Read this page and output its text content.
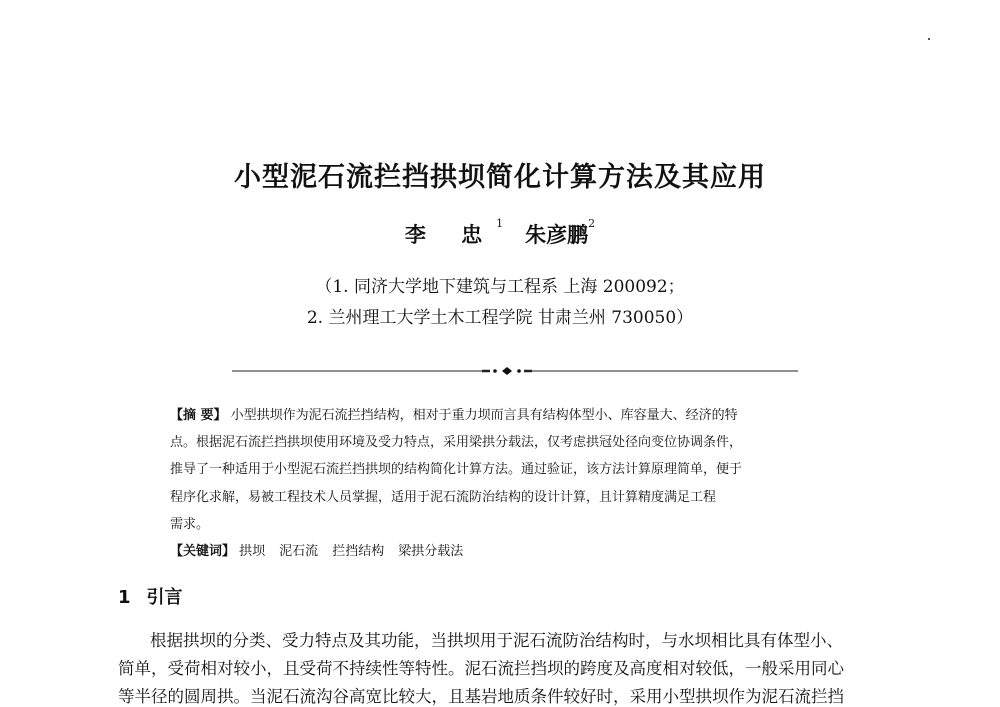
小型泥石流拦挡拱坝简化计算方法及其应用
李 忠$^1$ 朱彦鹏$^2$
（1. 同济大学地下建筑与工程系 上海 200092；
2. 兰州理工大学土木工程学院 甘肃兰州 730050）
【摘 要】 小型拱坝作为泥石流拦挡结构，相对于重力坝而言具有结构体型小、库容量大、经济的特
点。根据泥石流拦挡拱坝使用环境及受力特点，采用梁拱分载法，仅考虑拱冠处径向变位协调条件，
推导了一种适用于小型泥石流拦挡拱坝的结构简化计算方法。通过验证，该方法计算原理简单，便于
程序化求解，易被工程技术人员掌握，适用于泥石流防治结构的设计计算，且计算精度满足工程
需求。
【关键词】 拱坝 泥石流 拦挡结构 梁拱分载法
1 引言
根据拱坝的分类、受力特点及其功能，当拱坝用于泥石流防治结构时，与水坝相比具有体型小、
简单，受荷相对较小，且受荷不持续性等特性。泥石流拦挡坝的跨度及高度相对较低，一般采用同心
等半径的圆周拱。当泥石流沟谷高宽比较大，且基岩地质条件较好时，采用小型拱坝作为泥石流拦挡
